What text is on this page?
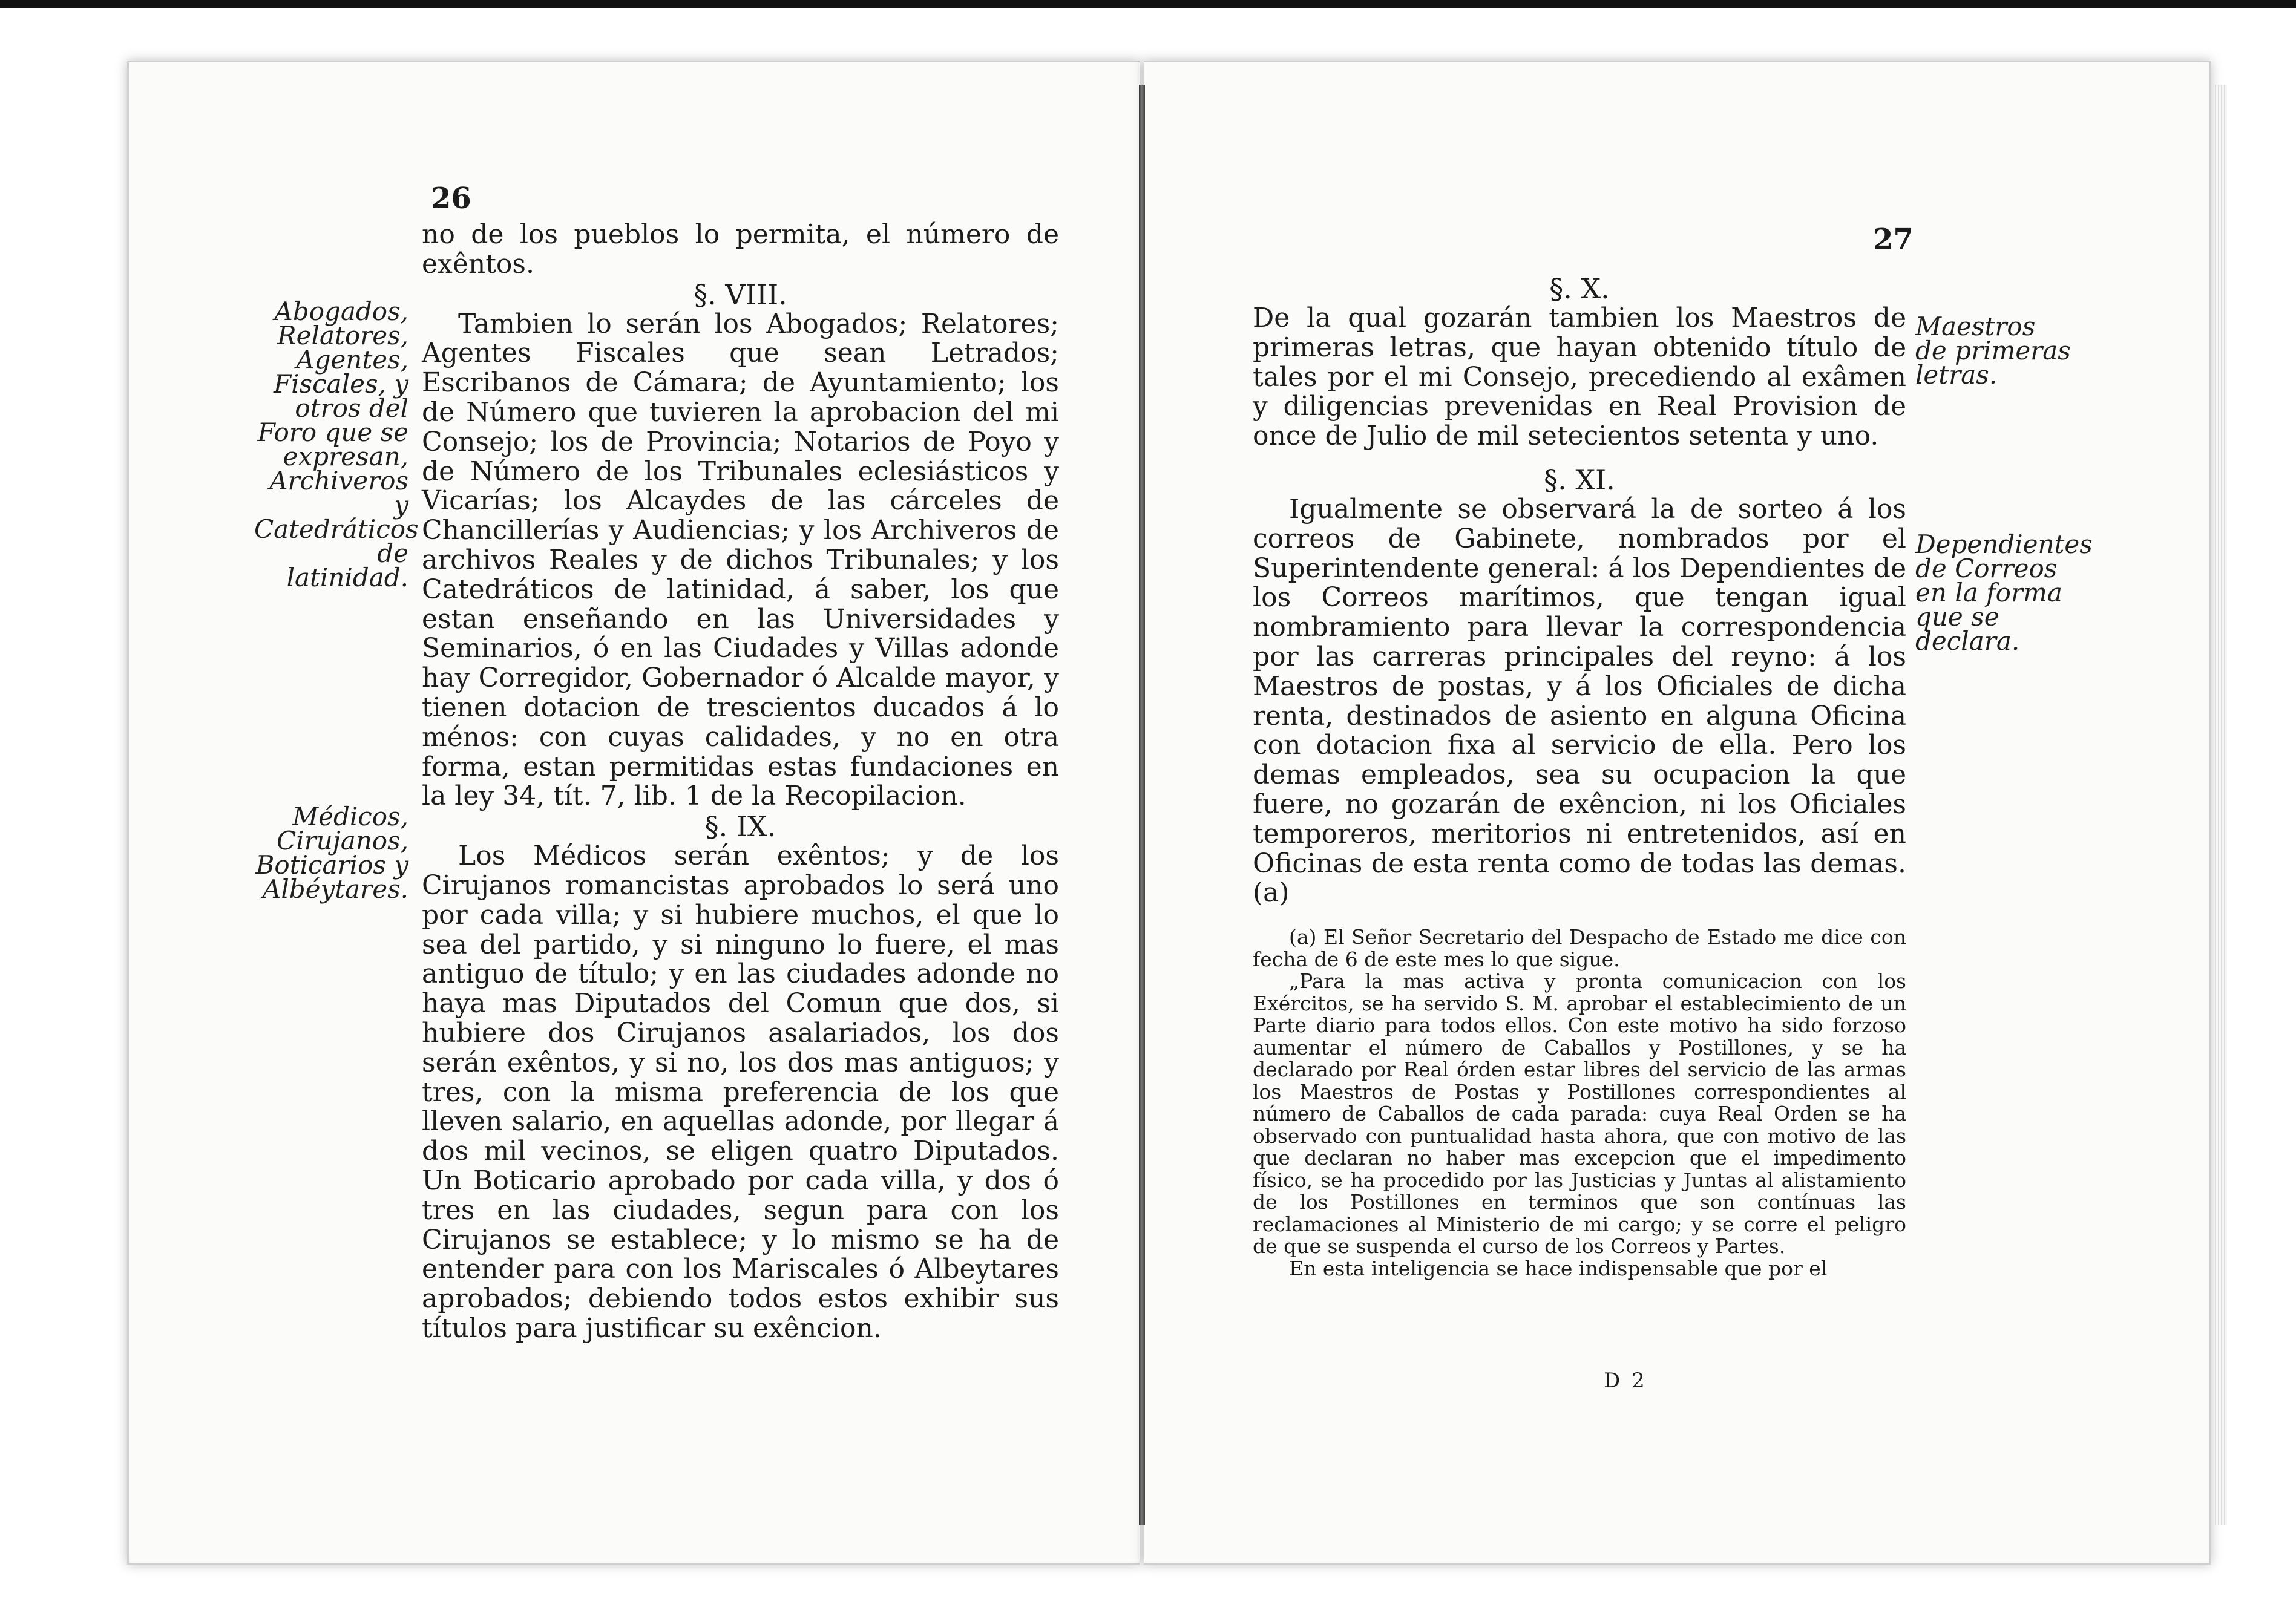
26
Abogados, Relatores, Agentes, Fiscales, y otros del Foro que se expresan, Archiveros y Catedráticos de latinidad.
Médicos, Cirujanos, Boticarios y Albéytares.

no de los pueblos lo permita, el número de exêntos.

§. VIII.

Tambien lo serán los Abogados; Relatores; Agentes Fiscales que sean Letrados; Escribanos de Cámara; de Ayuntamiento; los de Número que tuvieren la aprobacion del mi Consejo; los de Provincia; Notarios de Poyo y de Número de los Tribunales eclesiásticos y Vicarías; los Alcaydes de las cárceles de Chancillerías y Audiencias; y los Archiveros de archivos Reales y de dichos Tribunales; y los Catedráticos de latinidad, á saber, los que estan enseñando en las Universidades y Seminarios, ó en las Ciudades y Villas adonde hay Corregidor, Gobernador ó Alcalde mayor, y tienen dotacion de trescientos ducados á lo ménos: con cuyas calidades, y no en otra forma, estan permitidas estas fundaciones en la ley 34, tít. 7, lib. 1 de la Recopilacion.

§. IX.

Los Médicos serán exêntos; y de los Cirujanos romancistas aprobados lo será uno por cada villa; y si hubiere muchos, el que lo sea del partido, y si ninguno lo fuere, el mas antiguo de título; y en las ciudades adonde no haya mas Diputados del Comun que dos, si hubiere dos Cirujanos asalariados, los dos serán exêntos, y si no, los dos mas antiguos; y tres, con la misma preferencia de los que lleven salario, en aquellas adonde, por llegar á dos mil vecinos, se eligen quatro Diputados. Un Boticario aprobado por cada villa, y dos ó tres en las ciudades, segun para con los Cirujanos se establece; y lo mismo se ha de entender para con los Mariscales ó Albeytares aprobados; debiendo todos estos exhibir sus títulos para justificar su exêncion.

27
Maestros de primeras letras.
Dependientes de Correos en la forma que se declara.

§. X.

De la qual gozarán tambien los Maestros de primeras letras, que hayan obtenido título de tales por el mi Consejo, precediendo al exâmen y diligencias prevenidas en Real Provision de once de Julio de mil setecientos setenta y uno.

§. XI.

Igualmente se observará la de sorteo á los correos de Gabinete, nombrados por el Superintendente general: á los Dependientes de los Correos marítimos, que tengan igual nombramiento para llevar la correspondencia por las carreras principales del reyno: á los Maestros de postas, y á los Oficiales de dicha renta, destinados de asiento en alguna Oficina con dotacion fixa al servicio de ella. Pero los demas empleados, sea su ocupacion la que fuere, no gozarán de exêncion, ni los Oficiales temporeros, meritorios ni entretenidos, así en Oficinas de esta renta como de todas las demas. (a)

(a) El Señor Secretario del Despacho de Estado me dice con fecha de 6 de este mes lo que sigue.

„Para la mas activa y pronta comunicacion con los Exércitos, se ha servido S. M. aprobar el establecimiento de un Parte diario para todos ellos. Con este motivo ha sido forzoso aumentar el número de Caballos y Postillones, y se ha declarado por Real órden estar libres del servicio de las armas los Maestros de Postas y Postillones correspondientes al número de Caballos de cada parada: cuya Real Orden se ha observado con puntualidad hasta ahora, que con motivo de las que declaran no haber mas excepcion que el impedimento físico, se ha procedido por las Justicias y Juntas al alistamiento de los Postillones en terminos que son contínuas las reclamaciones al Ministerio de mi cargo; y se corre el peligro de que se suspenda el curso de los Correos y Partes.

En esta inteligencia se hace indispensable que por el

D 2
